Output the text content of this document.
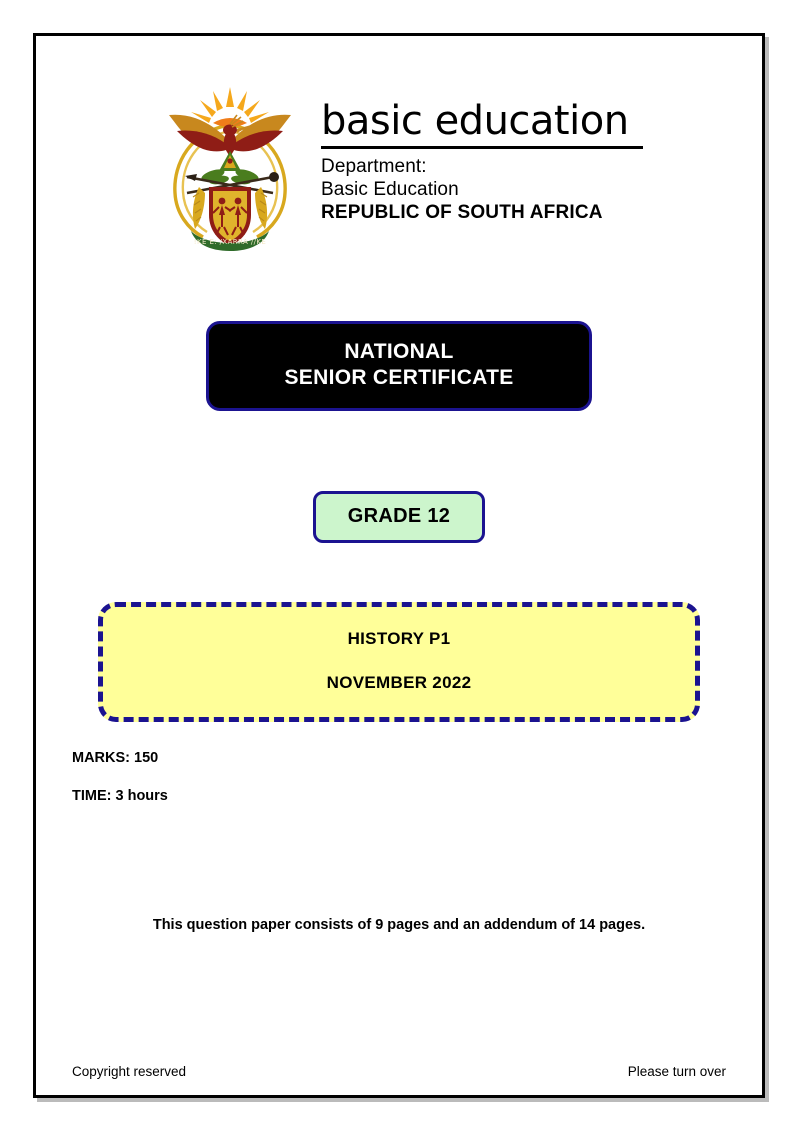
!KE E: /XARRA //KE
basic education
Department:
Basic Education
REPUBLIC OF SOUTH AFRICA
NATIONAL
SENIOR CERTIFICATE
GRADE 12
HISTORY P1
NOVEMBER 2022
MARKS: 150
TIME: 3 hours
This question paper consists of 9 pages and an addendum of 14 pages.
Copyright reserved	Please turn over
